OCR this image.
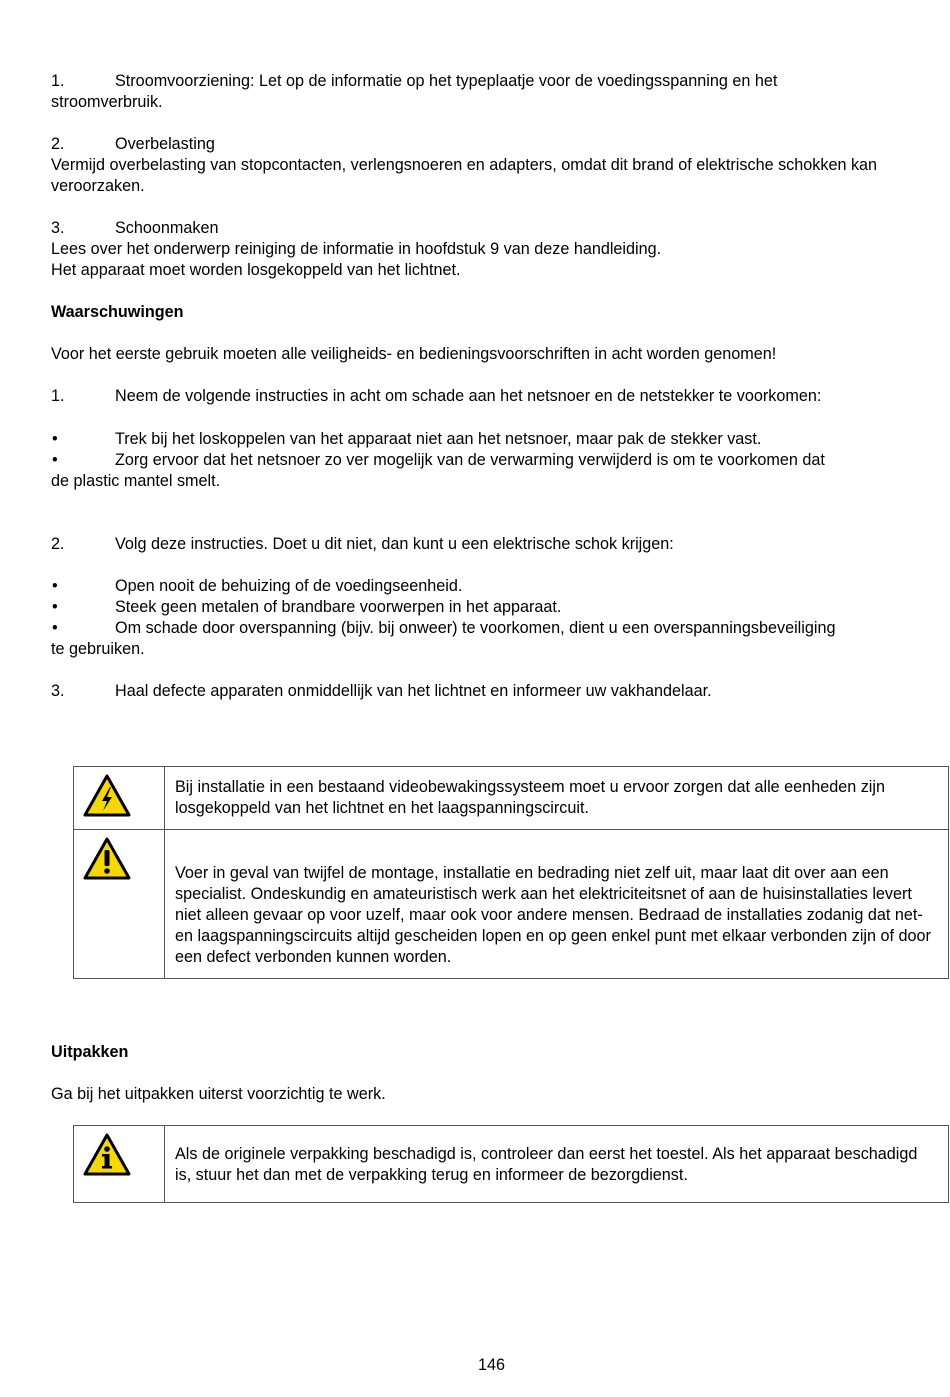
1.	Stroomvoorziening: Let op de informatie op het typeplaatje voor de voedingsspanning en het

stroomverbruik.

2.	Overbelasting

Vermijd overbelasting van stopcontacten, verlengsnoeren en adapters, omdat dit brand of elektrische schokken kan veroorzaken.

3.	Schoonmaken

Lees over het onderwerp reiniging de informatie in hoofdstuk 9 van deze handleiding.

Het apparaat moet worden losgekoppeld van het lichtnet.

Waarschuwingen

Voor het eerste gebruik moeten alle veiligheids- en bedieningsvoorschriften in acht worden genomen!

1.	Neem de volgende instructies in acht om schade aan het netsnoer en de netstekker te voorkomen:

•	Trek bij het loskoppelen van het apparaat niet aan het netsnoer, maar pak de stekker vast.

•	Zorg ervoor dat het netsnoer zo ver mogelijk van de verwarming verwijderd is om te voorkomen dat

de plastic mantel smelt.

2.	Volg deze instructies. Doet u dit niet, dan kunt u een elektrische schok krijgen:

•	Open nooit de behuizing of de voedingseenheid.

•	Steek geen metalen of brandbare voorwerpen in het apparaat.

•	Om schade door overspanning (bijv. bij onweer) te voorkomen, dient u een overspanningsbeveiliging

te gebruiken.

3.	Haal defecte apparaten onmiddellijk van het lichtnet en informeer uw vakhandelaar.

	Bij installatie in een bestaand videobewakingssysteem moet u ervoor zorgen dat alle eenheden zijn losgekoppeld van het lichtnet en het laagspanningscircuit.

	Voer in geval van twijfel de montage, installatie en bedrading niet zelf uit, maar laat dit over aan een specialist. Ondeskundig en amateuristisch werk aan het elektriciteitsnet of aan de huisinstallaties levert niet alleen gevaar op voor uzelf, maar ook voor andere mensen. Bedraad de installaties zodanig dat net- en laagspanningscircuits altijd gescheiden lopen en op geen enkel punt met elkaar verbonden zijn of door een defect verbonden kunnen worden.

Uitpakken

Ga bij het uitpakken uiterst voorzichtig te werk.

	Als de originele verpakking beschadigd is, controleer dan eerst het toestel. Als het apparaat beschadigd is, stuur het dan met de verpakking terug en informeer de bezorgdienst.
146
